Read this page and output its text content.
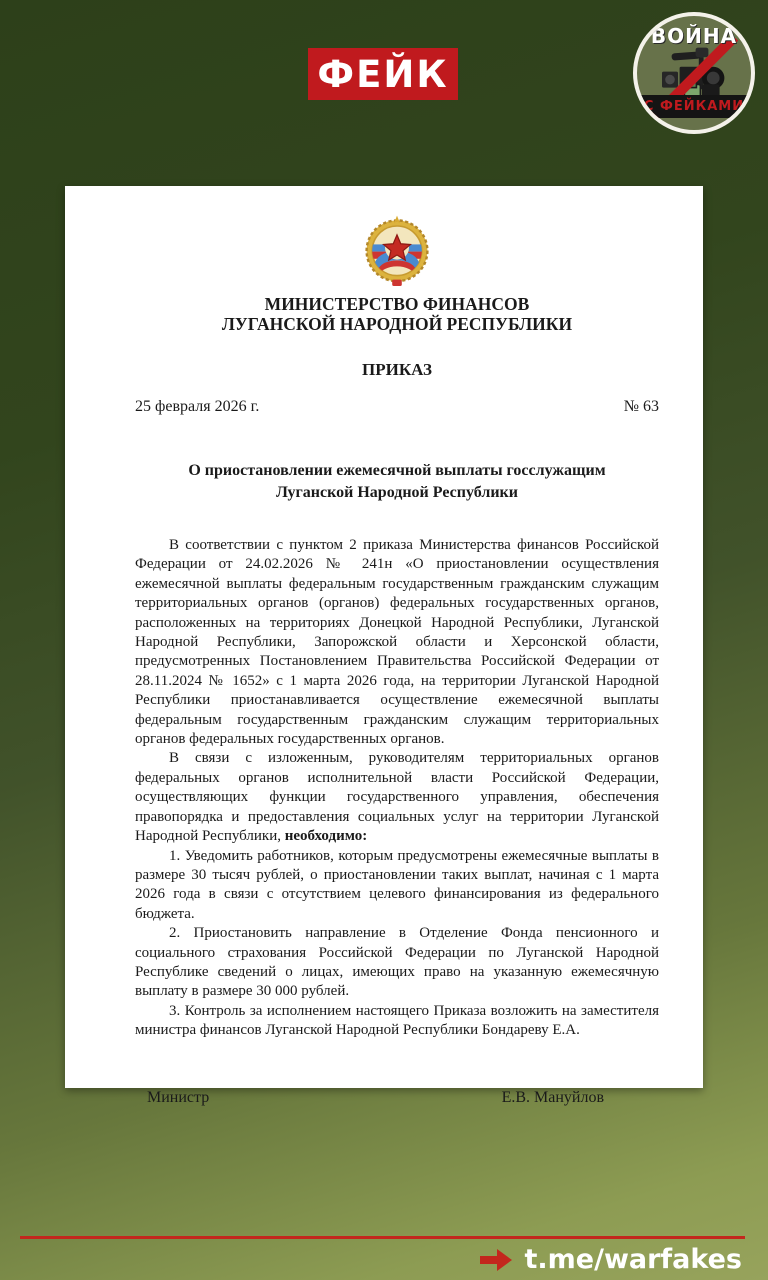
ФЕЙК
ВОЙНА
С ФЕЙКАМИ
МИНИСТЕРСТВО ФИНАНСОВ
ЛУГАНСКОЙ НАРОДНОЙ РЕСПУБЛИКИ
ПРИКАЗ
25 февраля 2026 г.	№ 63
О приостановлении ежемесячной выплаты госслужащим
Луганской Народной Республики

В соответствии с пунктом 2 приказа Министерства финансов Российской Федерации от 24.02.2026 № 241н «О приостановлении осуществления ежемесячной выплаты федеральным государственным гражданским служащим территориальных органов (органов) федеральных государственных органов, расположенных на территориях Донецкой Народной Республики, Луганской Народной Республики, Запорожской области и Херсонской области, предусмотренных Постановлением Правительства Российской Федерации от 28.11.2024 № 1652» с 1 марта 2026 года, на территории Луганской Народной Республики приостанавливается осуществление ежемесячной выплаты федеральным государственным гражданским служащим территориальных органов федеральных государственных органов.

В связи с изложенным, руководителям территориальных органов федеральных органов исполнительной власти Российской Федерации, осуществляющих функции государственного управления, обеспечения правопорядка и предоставления социальных услуг на территории Луганской Народной Республики, необходимо:

1. Уведомить работников, которым предусмотрены ежемесячные выплаты в размере 30 тысяч рублей, о приостановлении таких выплат, начиная с 1 марта 2026 года в связи с отсутствием целевого финансирования из федерального бюджета.

2. Приостановить направление в Отделение Фонда пенсионного и социального страхования Российской Федерации по Луганской Народной Республике сведений о лицах, имеющих право на указанную ежемесячную выплату в размере 30 000 рублей.

3. Контроль за исполнением настоящего Приказа возложить на заместителя министра финансов Луганской Народной Республики Бондареву Е.А.

Министр	Е.В. Мануйлов
t.me/warfakes
